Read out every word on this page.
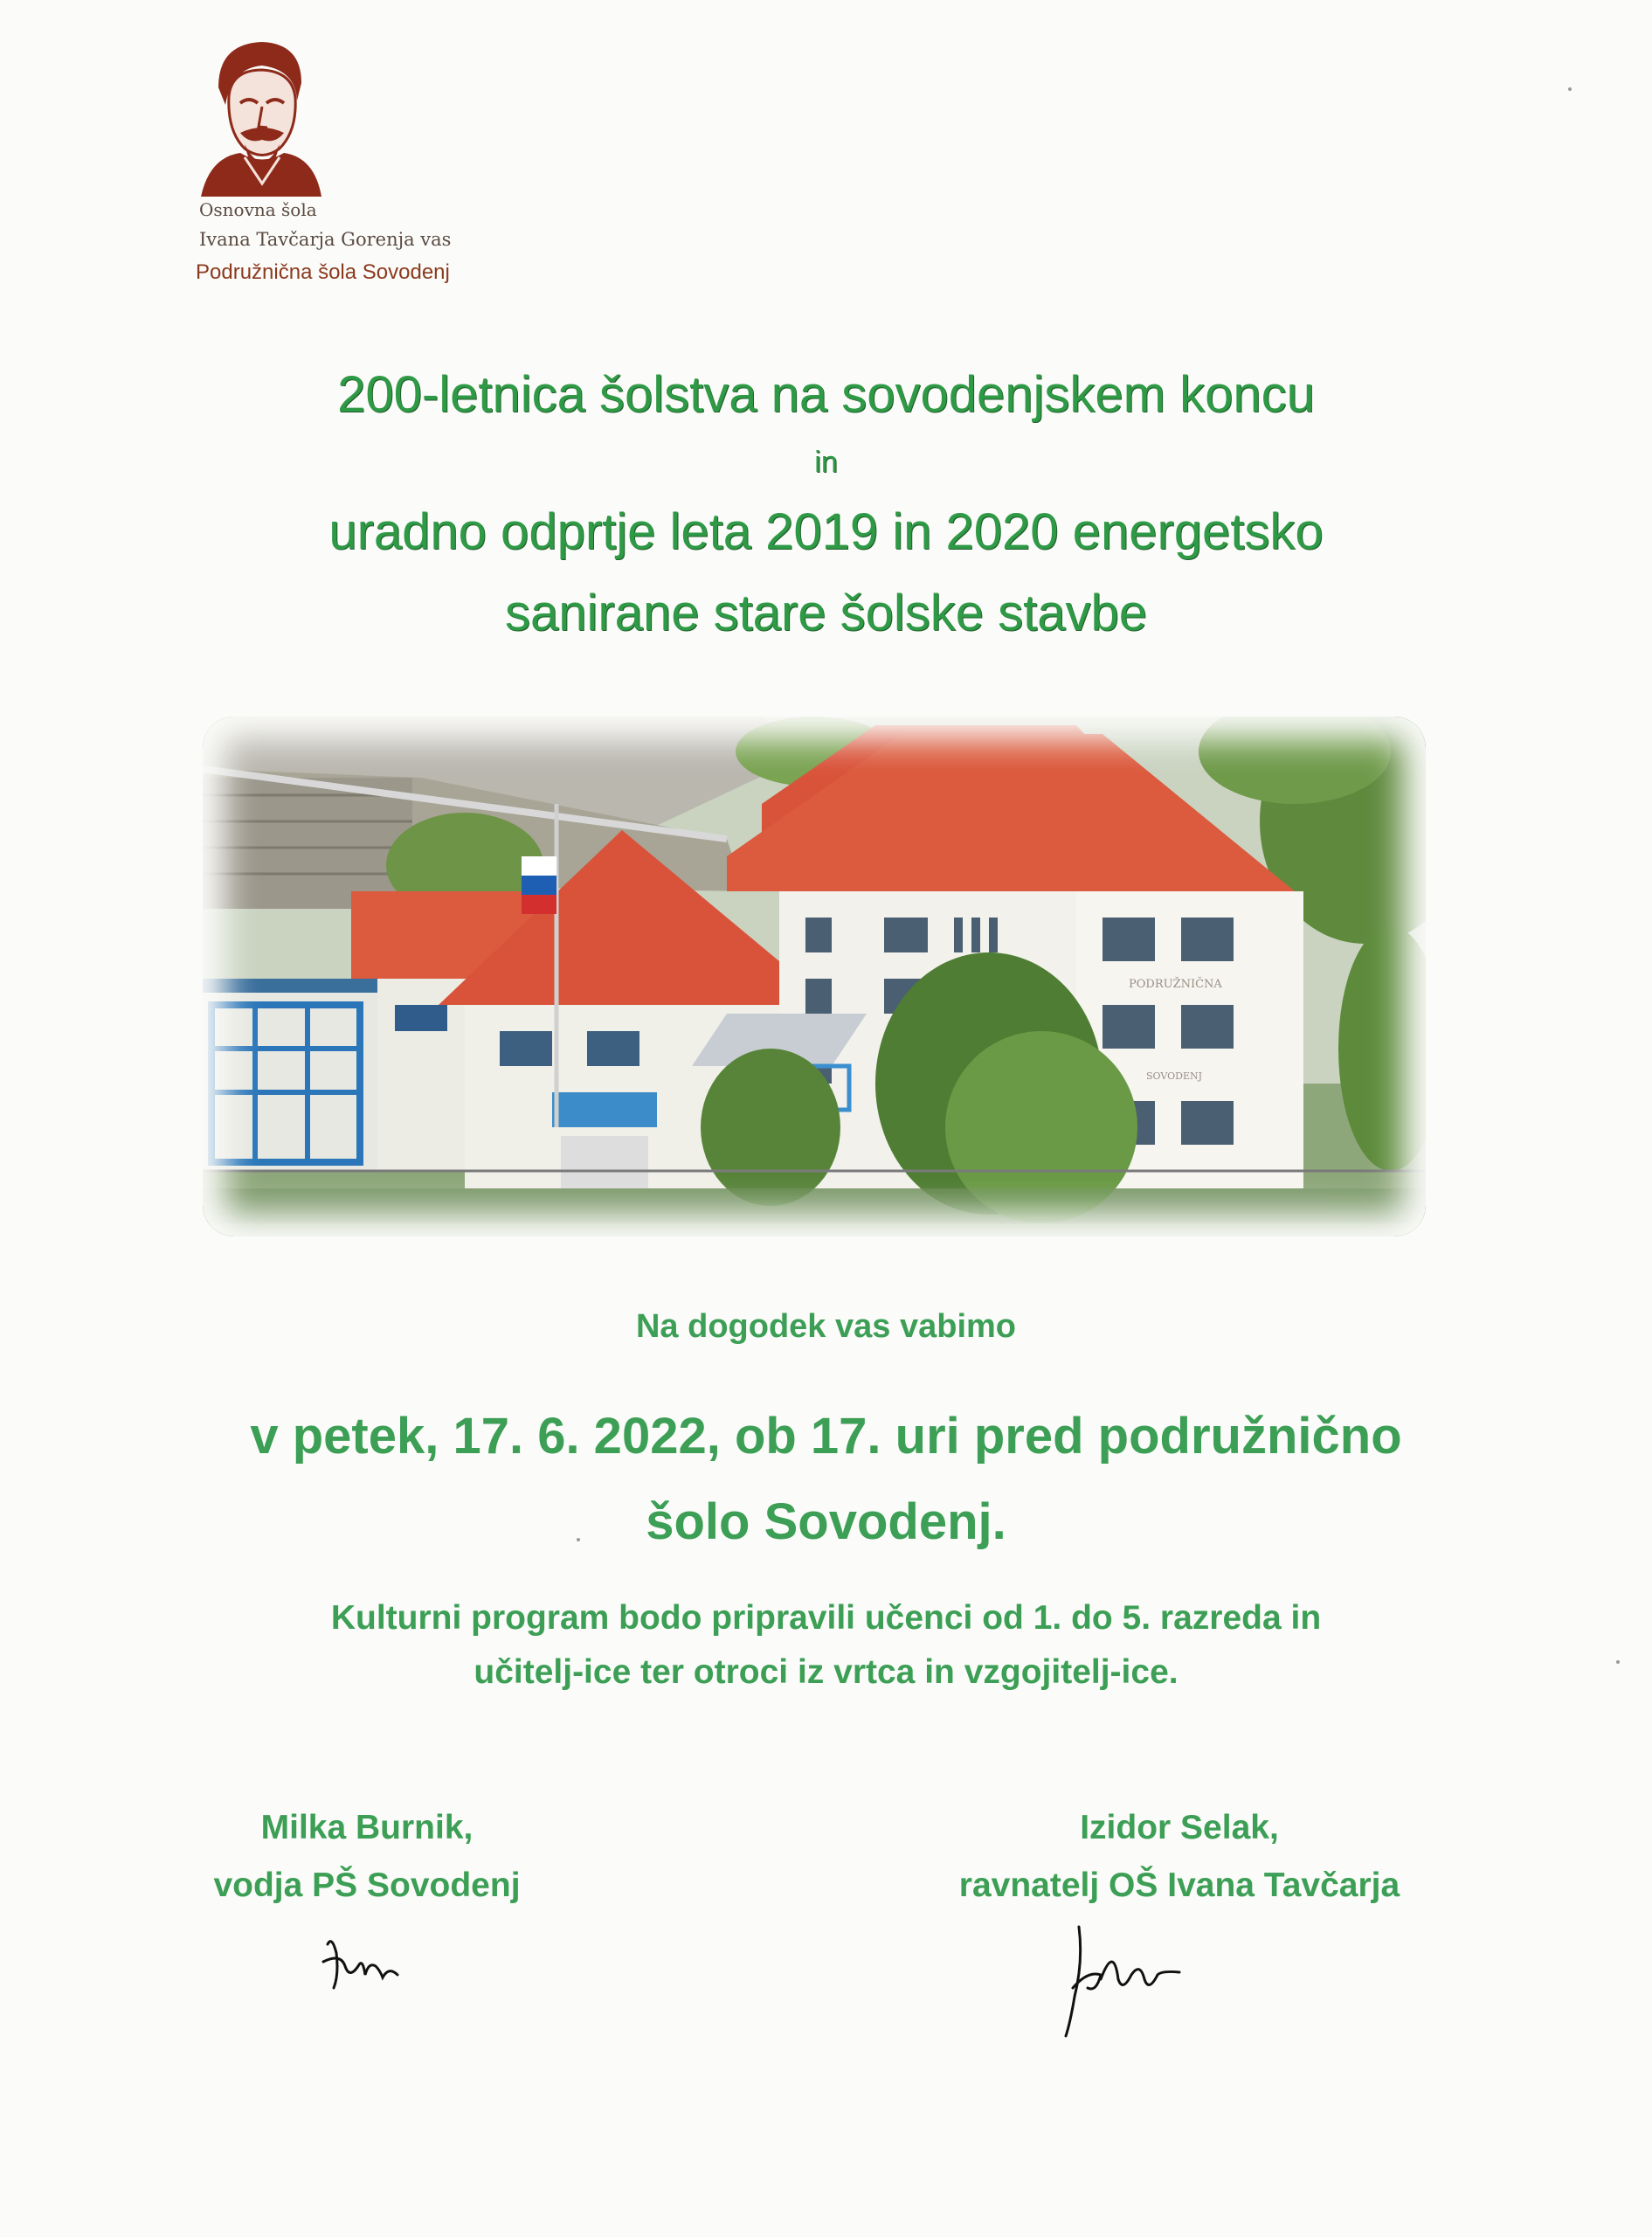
Osnovna šola
Ivana Tavčarja Gorenja vas
Podružnična šola Sovodenj
200-letnica šolstva na sovodenjskem koncu
in
uradno odprtje leta 2019 in 2020 energetsko
sanirane stare šolske stavbe
PODRUŽNIČNA
SOVODENJ
Na dogodek vas vabimo
v petek, 17. 6. 2022, ob 17. uri pred podružnično
šolo Sovodenj.
Kulturni program bodo pripravili učenci od 1. do 5. razreda in
učitelj-ice ter otroci iz vrtca in vzgojitelj-ice.
Milka Burnik,
vodja PŠ Sovodenj
Izidor Selak,
ravnatelj OŠ Ivana Tavčarja
